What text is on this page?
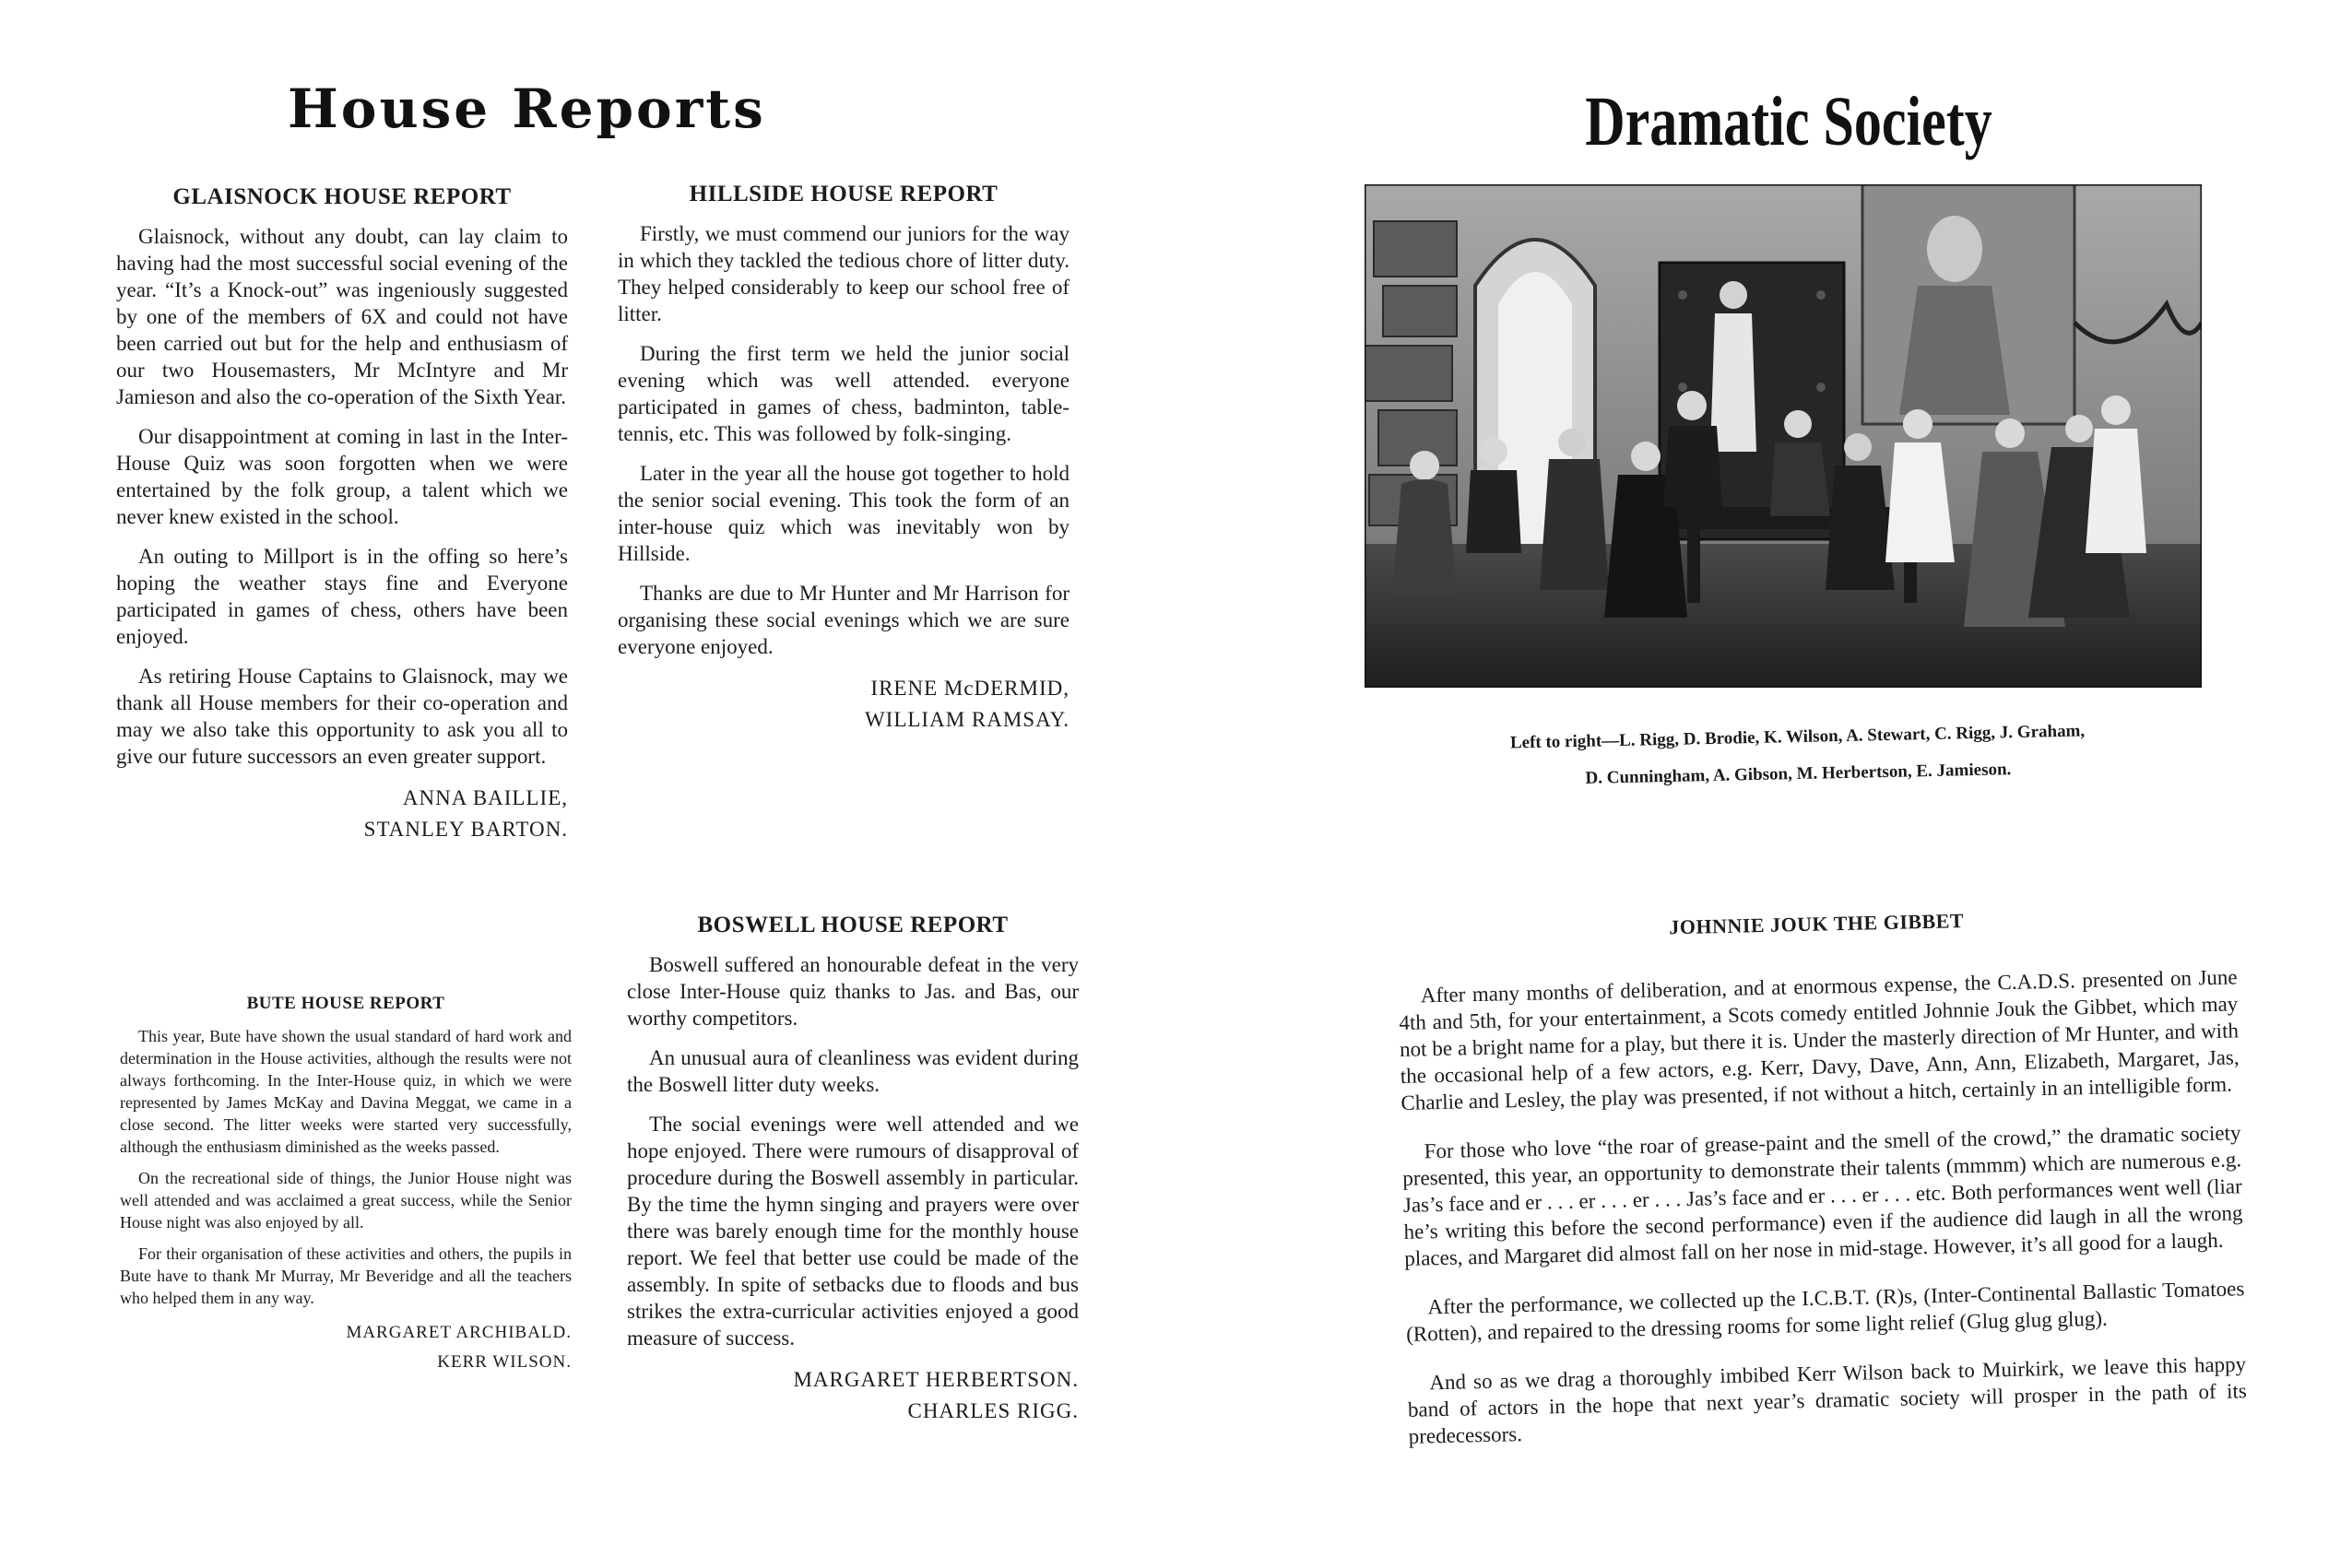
House Reports
GLAISNOCK HOUSE REPORT

Glaisnock, without any doubt, can lay claim to having had the most successful social evening of the year. “It’s a Knock-out” was ingeniously suggested by one of the members of 6X and could not have been carried out but for the help and enthusiasm of our two Housemasters, Mr McIntyre and Mr Jamieson and also the co-operation of the Sixth Year.

Our disappointment at coming in last in the Inter-House Quiz was soon forgotten when we were entertained by the folk group, a talent which we never knew existed in the school.

An outing to Millport is in the offing so here’s hoping the weather stays fine and Everyone participated in games of chess, others have been enjoyed.

As retiring House Captains to Glaisnock, may we thank all House members for their co-operation and may we also take this opportunity to ask you all to give our future successors an even greater support.

ANNA BAILLIE,
STANLEY BARTON.
HILLSIDE HOUSE REPORT

Firstly, we must commend our juniors for the way in which they tackled the tedious chore of litter duty. They helped considerably to keep our school free of litter.

During the first term we held the junior social evening which was well attended. everyone participated in games of chess, badminton, table-tennis, etc. This was followed by folk-singing.

Later in the year all the house got together to hold the senior social evening. This took the form of an inter-house quiz which was inevitably won by Hillside.

Thanks are due to Mr Hunter and Mr Harrison for organising these social evenings which we are sure everyone enjoyed.

IRENE McDERMID,
WILLIAM RAMSAY.
BUTE HOUSE REPORT

This year, Bute have shown the usual standard of hard work and determination in the House activities, although the results were not always forthcoming. In the Inter-House quiz, in which we were represented by James McKay and Davina Meggat, we came in a close second. The litter weeks were started very successfully, although the enthusiasm diminished as the weeks passed.

On the recreational side of things, the Junior House night was well attended and was acclaimed a great success, while the Senior House night was also enjoyed by all.

For their organisation of these activities and others, the pupils in Bute have to thank Mr Murray, Mr Beveridge and all the teachers who helped them in any way.

MARGARET ARCHIBALD.
KERR WILSON.
BOSWELL HOUSE REPORT

Boswell suffered an honourable defeat in the very close Inter-House quiz thanks to Jas. and Bas, our worthy competitors.

An unusual aura of cleanliness was evident during the Boswell litter duty weeks.

The social evenings were well attended and we hope enjoyed. There were rumours of disapproval of procedure during the Boswell assembly in particular. By the time the hymn singing and prayers were over there was barely enough time for the monthly house report. We feel that better use could be made of the assembly. In spite of setbacks due to floods and bus strikes the extra-curricular activities enjoyed a good measure of success.

MARGARET HERBERTSON.
CHARLES RIGG.
Dramatic Society
Left to right—L. Rigg, D. Brodie, K. Wilson, A. Stewart, C. Rigg, J. Graham,
D. Cunningham, A. Gibson, M. Herbertson, E. Jamieson.
JOHNNIE JOUK THE GIBBET

After many months of deliberation, and at enormous expense, the C.A.D.S. presented on June 4th and 5th, for your entertainment, a Scots comedy entitled Johnnie Jouk the Gibbet, which may not be a bright name for a play, but there it is. Under the masterly direction of Mr Hunter, and with the occasional help of a few actors, e.g. Kerr, Davy, Dave, Ann, Ann, Elizabeth, Margaret, Jas, Charlie and Lesley, the play was presented, if not without a hitch, certainly in an intelligible form.

For those who love “the roar of grease-paint and the smell of the crowd,” the dramatic society presented, this year, an opportunity to demonstrate their talents (mmmm) which are numerous e.g. Jas’s face and er . . . er . . . er . . . Jas’s face and er . . . er . . . etc. Both performances went well (liar he’s writing this before the second performance) even if the audience did laugh in all the wrong places, and Margaret did almost fall on her nose in mid-stage. However, it’s all good for a laugh.

After the performance, we collected up the I.C.B.T. (R)s, (Inter-Continental Ballastic Tomatoes (Rotten), and repaired to the dressing rooms for some light relief (Glug glug glug).

And so as we drag a thoroughly imbibed Kerr Wilson back to Muirkirk, we leave this happy band of actors in the hope that next year’s dramatic society will prosper in the path of its predecessors.
